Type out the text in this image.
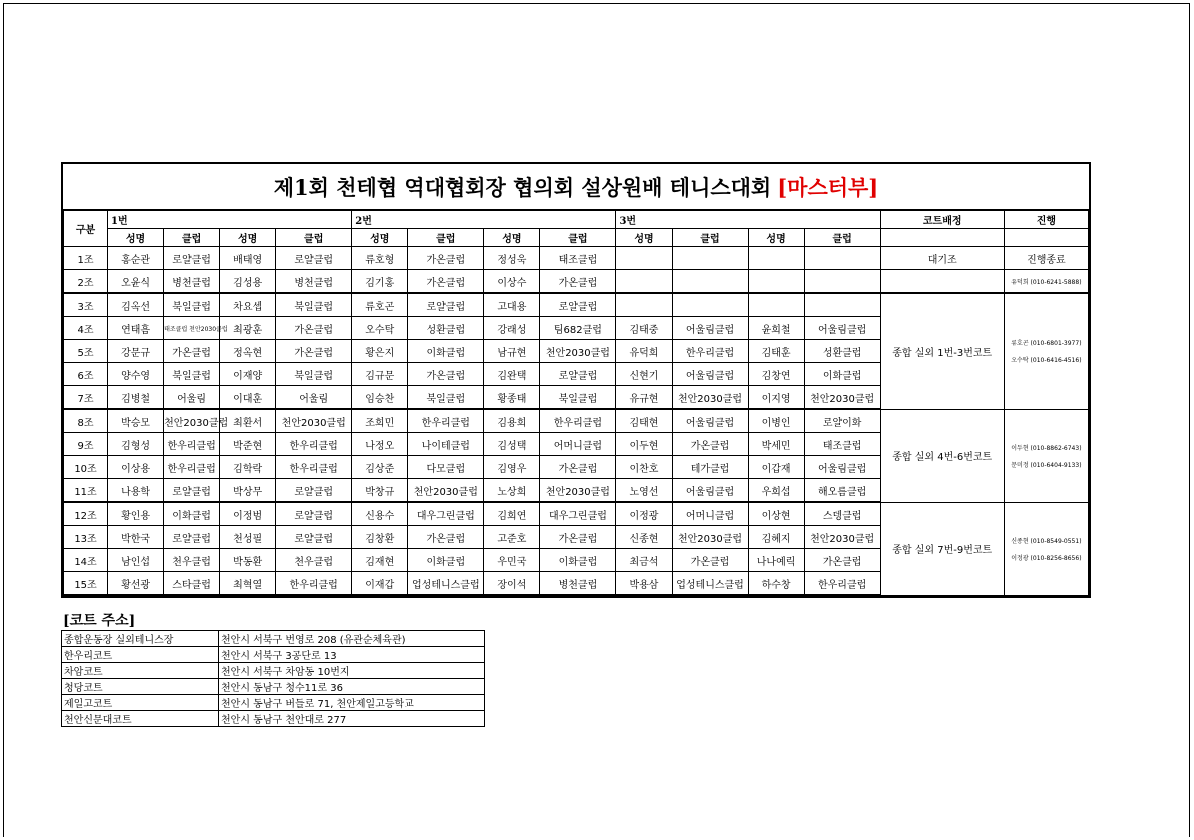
제1회 천테협 역대협회장 협의회 설상원배 테니스대회 [마스터부]
구분	1번				2번				3번				코트배정	진행
	성명	클럽	성명	클럽	성명	클럽	성명	클럽	성명	클럽	성명	클럽		
1조	홍순관	로얄클럽	배태영	로얄클럽	류호형	가온클럽	정성욱	태조클럽					대기조	진행종료
2조	오윤식	병천클럽	김성용	병천클럽	김기홍	가온클럽	이상수	가온클럽						유덕희 (010-6241-5888)
3조	김옥선	북일클럽	차요셉	북일클럽	류호곤	로얄클럽	고대용	로얄클럽					종합 실외 1번-3번코트	류호곤 (010-6801-3977)
오수탁 (010-6416-4516)

4조	연태흠	태조클럽 천안2030클럽	최광훈	가온클럽	오수탁	성환클럽	강래성	팀682클럽	김태중	어울림클럽	윤희철	어울림클럽		
5조	강문규	가온클럽	정옥현	가온클럽	황은지	이화클럽	남규현	천안2030클럽	유덕희	한우리클럽	김태훈	성환클럽		
6조	양수영	북일클럽	이재양	북일클럽	김규문	가온클럽	김완택	로얄클럽	신현기	어울림클럽	김창연	이화클럽		
7조	김병철	어울림	이대훈	어울림	임승찬	북일클럽	황종태	북일클럽	유규현	천안2030클럽	이지영	천안2030클럽		
8조	박승모	천안2030클럽	최환서	천안2030클럽	조희민	한우리클럽	김용희	한우리클럽	김태현	어울림클럽	이병인	로얄이화	종합 실외 4번-6번코트	이두현 (010-8862-6743)
문미정 (010-6404-9133)

9조	김형성	한우리클럽	박준현	한우리클럽	나정오	나이테클럽	김성택	어머니클럽	이두현	가온클럽	박세민	태조클럽		
10조	이상용	한우리클럽	김학락	한우리클럽	김상준	다모클럽	김영우	가온클럽	이찬호	테가클럽	이갑재	어울림클럽		
11조	나용학	로얄클럽	박상무	로얄클럽	박창규	천안2030클럽	노상희	천안2030클럽	노영선	어울림클럽	우희섭	해오름클럽		
12조	황인용	이화클럽	이정범	로얄클럽	신용수	대우그린클럽	김희연	대우그린클럽	이정광	어머니클럽	이상현	스뎅클럽	종합 실외 7번-9번코트	신종현 (010-8549-0551)
이정광 (010-8256-8656)

13조	박한국	로얄클럽	천성필	로얄클럽	김창환	가온클럽	고준호	가온클럽	신종현	천안2030클럽	김혜지	천안2030클럽		
14조	남인섭	천우클럽	박동환	천우클럽	김재현	이화클럽	우민국	이화클럽	최금석	가온클럽	나나예릭	가온클럽		
15조	황선광	스타클럽	최혁열	한우리클럽	이재갑	업성테니스클럽	장이석	병천클럽	박용삼	업성테니스클럽	하수창	한우리클럽		
[코트 주소]
종합운동장 실외테니스장	천안시 서북구 번영로 208 (유관순체육관)
한우리코트	천안시 서북구 3공단로 13
차암코트	천안시 서북구 차암동 10번지
청당코트	천안시 동남구 청수11로 36
제일고코트	천안시 동남구 버들로 71, 천안제일고등학교
천안신문대코트	천안시 동남구 천안대로 277
